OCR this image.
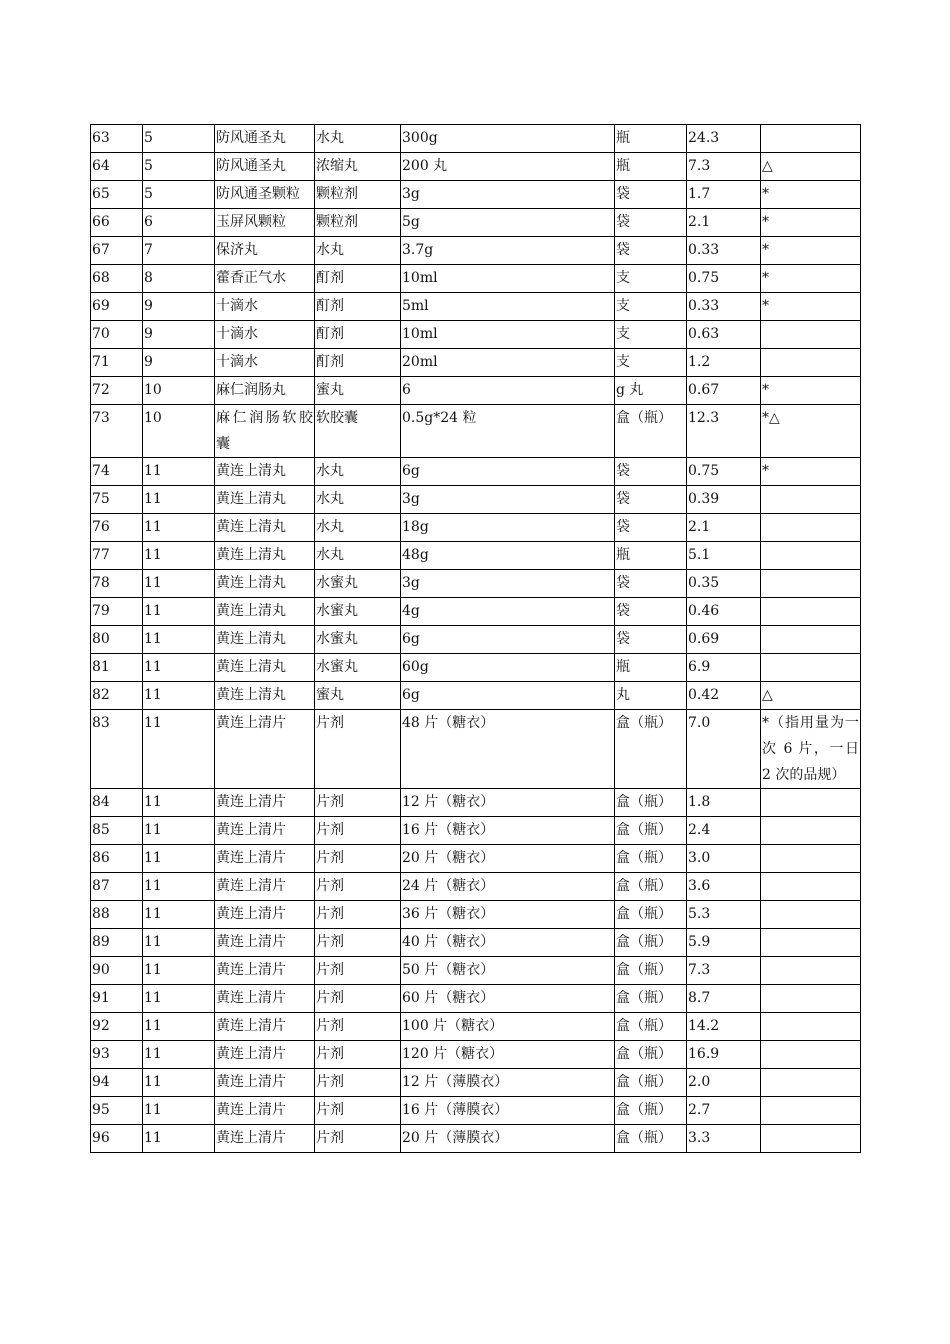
63	5	防风通圣丸	水丸	300g	瓶	24.3	
64	5	防风通圣丸	浓缩丸	200 丸	瓶	7.3	△
65	5	防风通圣颗粒	颗粒剂	3g	袋	1.7	*
66	6	玉屏风颗粒	颗粒剂	5g	袋	2.1	*
67	7	保济丸	水丸	3.7g	袋	0.33	*
68	8	藿香正气水	酊剂	10ml	支	0.75	*
69	9	十滴水	酊剂	5ml	支	0.33	*
70	9	十滴水	酊剂	10ml	支	0.63	
71	9	十滴水	酊剂	20ml	支	1.2	
72	10	麻仁润肠丸	蜜丸	6	g 丸	0.67	*
73	10	麻仁润肠软胶囊	软胶囊	0.5g*24 粒	盒（瓶）	12.3	*△
74	11	黄连上清丸	水丸	6g	袋	0.75	*
75	11	黄连上清丸	水丸	3g	袋	0.39	
76	11	黄连上清丸	水丸	18g	袋	2.1	
77	11	黄连上清丸	水丸	48g	瓶	5.1	
78	11	黄连上清丸	水蜜丸	3g	袋	0.35	
79	11	黄连上清丸	水蜜丸	4g	袋	0.46	
80	11	黄连上清丸	水蜜丸	6g	袋	0.69	
81	11	黄连上清丸	水蜜丸	60g	瓶	6.9	
82	11	黄连上清丸	蜜丸	6g	丸	0.42	△
83	11	黄连上清片	片剂	48 片（糖衣）	盒（瓶）	7.0	*（指用量为一次 6 片，一日 2 次的品规）
84	11	黄连上清片	片剂	12 片（糖衣）	盒（瓶）	1.8	
85	11	黄连上清片	片剂	16 片（糖衣）	盒（瓶）	2.4	
86	11	黄连上清片	片剂	20 片（糖衣）	盒（瓶）	3.0	
87	11	黄连上清片	片剂	24 片（糖衣）	盒（瓶）	3.6	
88	11	黄连上清片	片剂	36 片（糖衣）	盒（瓶）	5.3	
89	11	黄连上清片	片剂	40 片（糖衣）	盒（瓶）	5.9	
90	11	黄连上清片	片剂	50 片（糖衣）	盒（瓶）	7.3	
91	11	黄连上清片	片剂	60 片（糖衣）	盒（瓶）	8.7	
92	11	黄连上清片	片剂	100 片（糖衣）	盒（瓶）	14.2	
93	11	黄连上清片	片剂	120 片（糖衣）	盒（瓶）	16.9	
94	11	黄连上清片	片剂	12 片（薄膜衣）	盒（瓶）	2.0	
95	11	黄连上清片	片剂	16 片（薄膜衣）	盒（瓶）	2.7	
96	11	黄连上清片	片剂	20 片（薄膜衣）	盒（瓶）	3.3	
